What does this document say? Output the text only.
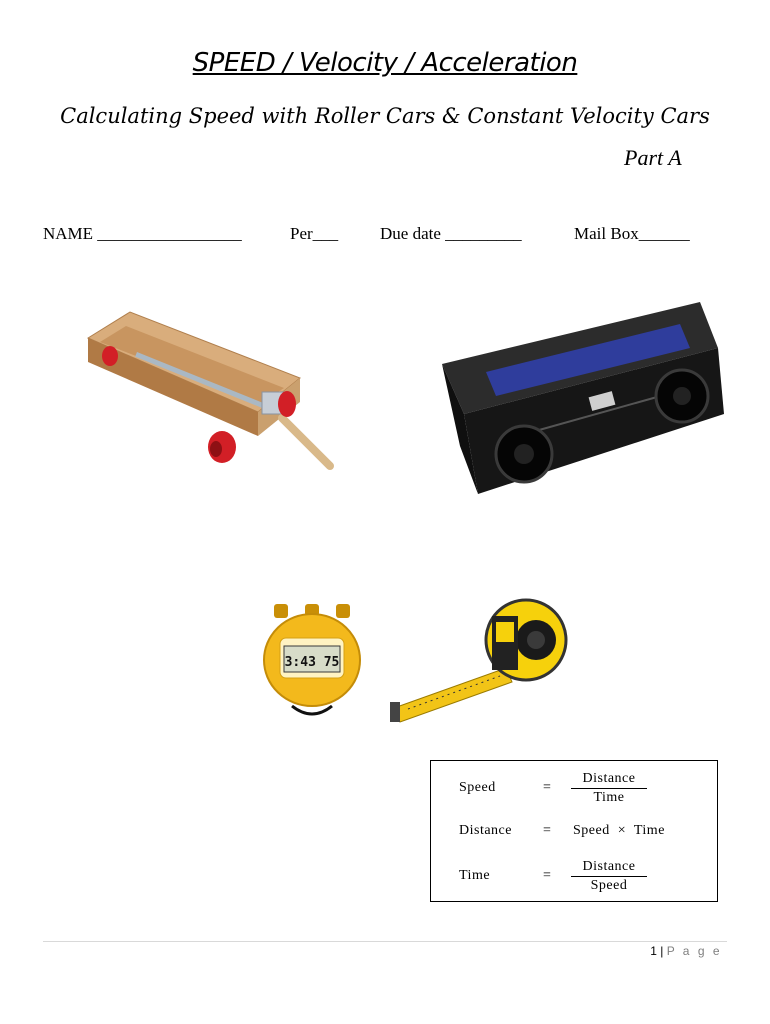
SPEED / Velocity / Acceleration
Calculating Speed with Roller Cars & Constant Velocity Cars
Part A
NAME _________________	Per___ Due date _________	Mail Box______
3:43 75
Speed	=
Distance
Time
Distance = Speed  ×  Time
Time	=
Distance
Speed
1 | P a g e
